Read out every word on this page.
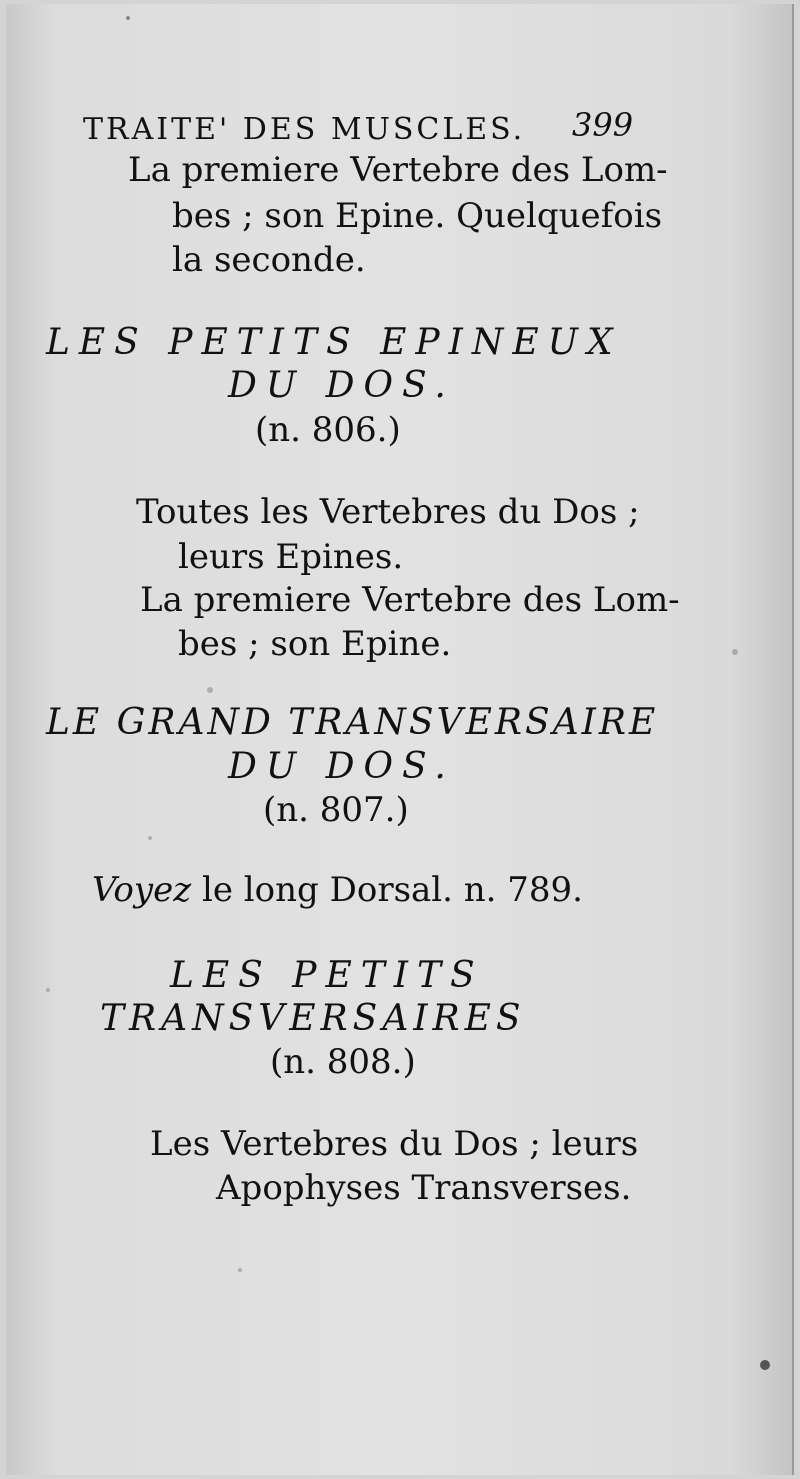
TRAITE' DES MUSCLES. 399
La premiere Vertebre des Lom-
bes ; son Epine. Quelquefois
la seconde.
LES PETITS EPINEUX
DU DOS.
(n. 806.)
Toutes les Vertebres du Dos ;
leurs Epines.
La premiere Vertebre des Lom-
bes ; son Epine.
LE GRAND TRANSVERSAIRE
DU DOS.
(n. 807.)
Voyez le long Dorsal. n. 789.
LES PETITS
TRANSVERSAIRES
(n. 808.)
Les Vertebres du Dos ; leurs
Apophyses Transverses.
